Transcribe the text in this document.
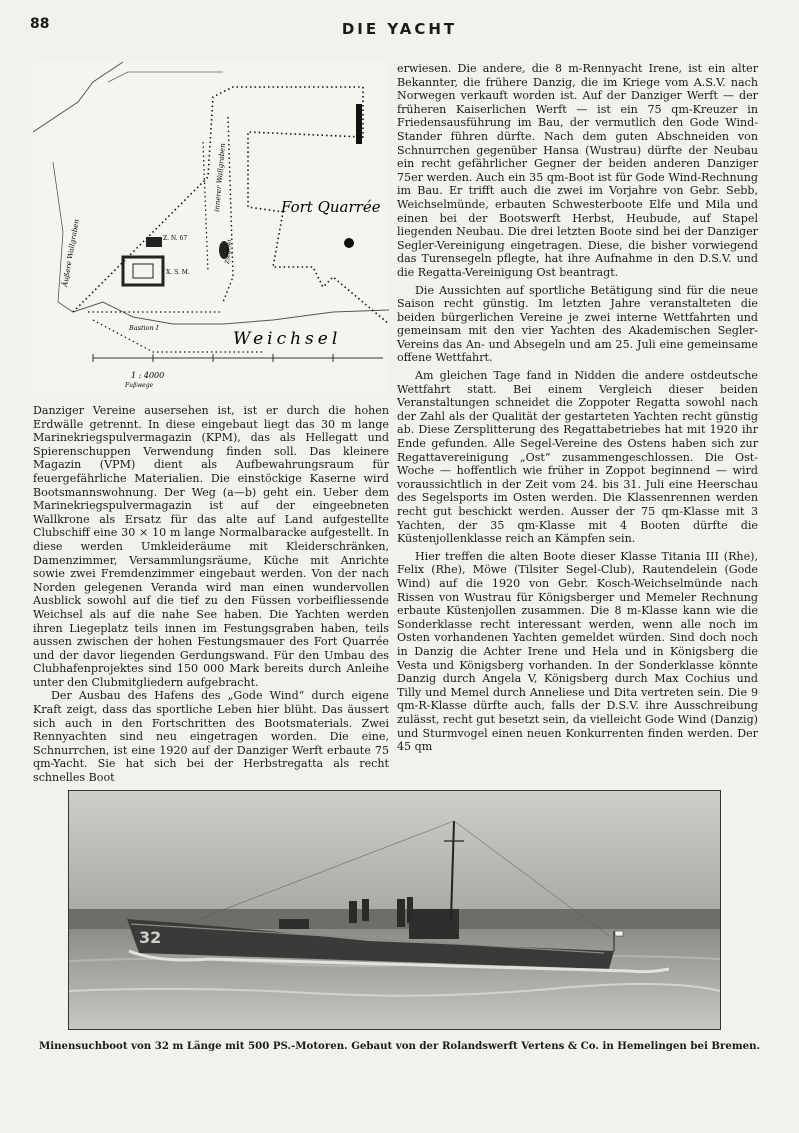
88	DIE YACHT
1 : 4000
Fußwege
Fort Quarrée
Weichsel
Bastion I
Z. N. 67
X. S. M.
Äußere Wallgraben
innerer Wallgraben
Ziegelei

Danziger Vereine ausersehen ist, ist er durch die hohen Erdwälle getrennt. In diese eingebaut liegt das 30 m lange Marinekriegspulvermagazin (KPM), das als Hellegatt und Spierenschuppen Verwendung finden soll. Das kleinere Magazin (VPM) dient als Aufbewahrungsraum für feuergefährliche Materialien. Die einstöckige Kaserne wird Bootsmannswohnung. Der Weg (a—b) geht ein. Ueber dem Marinekriegspulvermagazin ist auf der eingeebneten Wallkrone als Ersatz für das alte auf Land aufgestellte Clubschiff eine 30 × 10 m lange Normalbaracke aufgestellt. In diese werden Umkleideräume mit Kleiderschränken, Damenzimmer, Versammlungsräume, Küche mit Anrichte sowie zwei Fremdenzimmer eingebaut werden. Von der nach Norden gelegenen Veranda wird man einen wundervollen Ausblick sowohl auf die tief zu den Füssen vorbeifliessende Weichsel als auf die nahe See haben. Die Yachten werden ihren Liegeplatz teils innen im Festungsgraben haben, teils aussen zwischen der hohen Festungsmauer des Fort Quarrée und der davor liegenden Gerdungswand. Für den Umbau des Clubhafenprojektes sind 150 000 Mark bereits durch Anleihe unter den Clubmitgliedern aufgebracht.

Der Ausbau des Hafens des „Gode Wind“ durch eigene Kraft zeigt, dass das sportliche Leben hier blüht. Das äussert sich auch in den Fortschritten des Bootsmaterials. Zwei Rennyachten sind neu eingetragen worden. Die eine, Schnurrchen, ist eine 1920 auf der Danziger Werft erbaute 75 qm-Yacht. Sie hat sich bei der Herbstregatta als recht schnelles Boot

erwiesen. Die andere, die 8 m-Rennyacht Irene, ist ein alter Bekannter, die frühere Danzig, die im Kriege vom A.S.V. nach Norwegen verkauft worden ist. Auf der Danziger Werft — der früheren Kaiserlichen Werft — ist ein 75 qm-Kreuzer in Friedensausführung im Bau, der vermutlich den Gode Wind-Stander führen dürfte. Nach dem guten Abschneiden von Schnurrchen gegenüber Hansa (Wustrau) dürfte der Neubau ein recht gefährlicher Gegner der beiden anderen Danziger 75er werden. Auch ein 35 qm-Boot ist für Gode Wind-Rechnung im Bau. Er trifft auch die zwei im Vorjahre von Gebr. Sebb, Weichselmünde, erbauten Schwesterboote Elfe und Mila und einen bei der Bootswerft Herbst, Heubude, auf Stapel liegenden Neubau. Die drei letzten Boote sind bei der Danziger Segler-Vereinigung eingetragen. Diese, die bisher vorwiegend das Turensegeln pflegte, hat ihre Aufnahme in den D.S.V. und die Regatta-Vereinigung Ost beantragt.

Die Aussichten auf sportliche Betätigung sind für die neue Saison recht günstig. Im letzten Jahre veranstalteten die beiden bürgerlichen Vereine je zwei interne Wettfahrten und gemeinsam mit den vier Yachten des Akademischen Segler-Vereins das An- und Absegeln und am 25. Juli eine gemeinsame offene Wettfahrt.

Am gleichen Tage fand in Nidden die andere ostdeutsche Wettfahrt statt. Bei einem Vergleich dieser beiden Veranstaltungen schneidet die Zoppoter Regatta sowohl nach der Zahl als der Qualität der gestarteten Yachten recht günstig ab. Diese Zersplitterung des Regattabetriebes hat mit 1920 ihr Ende gefunden. Alle Segel-Vereine des Ostens haben sich zur Regattavereinigung „Ost“ zusammengeschlossen. Die Ost-Woche — hoffentlich wie früher in Zoppot beginnend — wird voraussichtlich in der Zeit vom 24. bis 31. Juli eine Heerschau des Segelsports im Osten werden. Die Klassenrennen werden recht gut beschickt werden. Ausser der 75 qm-Klasse mit 3 Yachten, der 35 qm-Klasse mit 4 Booten dürfte die Küstenjollenklasse reich an Kämpfen sein.

Hier treffen die alten Boote dieser Klasse Titania III (Rhe), Felix (Rhe), Möwe (Tilsiter Segel-Club), Rautendelein (Gode Wind) auf die 1920 von Gebr. Kosch-Weichselmünde nach Rissen von Wustrau für Königsberger und Memeler Rechnung erbaute Küstenjollen zusammen. Die 8 m-Klasse kann wie die Sonderklasse recht interessant werden, wenn alle noch im Osten vorhandenen Yachten gemeldet würden. Sind doch noch in Danzig die Achter Irene und Hela und in Königsberg die Vesta und Königsberg vorhanden. In der Sonderklasse könnte Danzig durch Angela V, Königsberg durch Max Cochius und Tilly und Memel durch Anneliese und Dita vertreten sein. Die 9 qm-R-Klasse dürfte auch, falls der D.S.V. ihre Ausschreibung zulässt, recht gut besetzt sein, da vielleicht Gode Wind (Danzig) und Sturmvogel einen neuen Konkurrenten finden werden. Der 45 qm

32
Minensuchboot von 32 m Länge mit 500 PS.-Motoren. Gebaut von der Rolandswerft Vertens & Co. in Hemelingen bei Bremen.
